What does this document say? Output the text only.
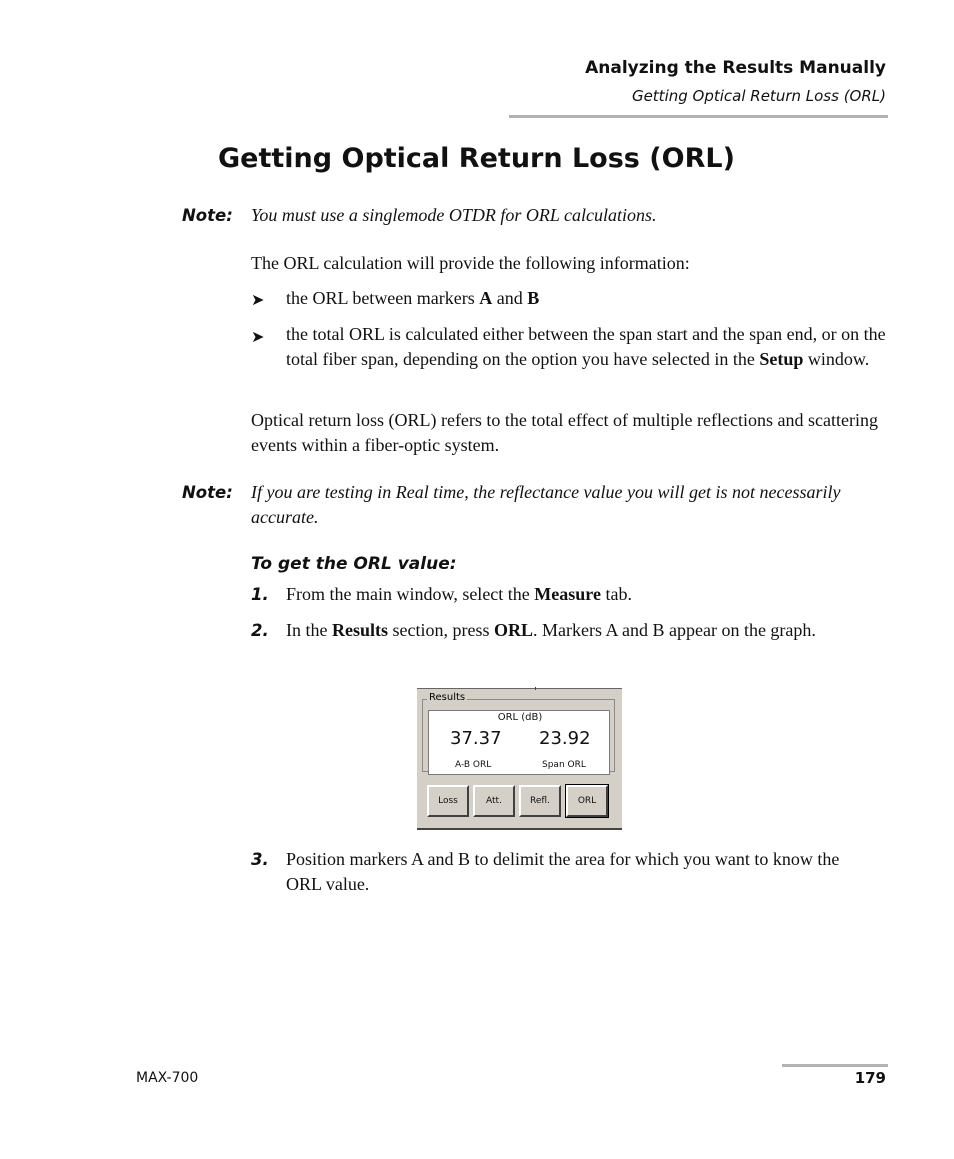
Analyzing the Results Manually
Getting Optical Return Loss (ORL)
Getting Optical Return Loss (ORL)
Note: You must use a singlemode OTDR for ORL calculations.
The ORL calculation will provide the following information:
➤ the ORL between markers A and B
➤ the total ORL is calculated either between the span start and the span end, or on the total fiber span, depending on the option you have selected in the Setup window.
Optical return loss (ORL) refers to the total effect of multiple reflections and scattering events within a fiber-optic system.
Note: If you are testing in Real time, the reflectance value you will get is not necessarily accurate.
To get the ORL value:
1. From the main window, select the Measure tab.
2. In the Results section, press ORL. Markers A and B appear on the graph.
Results
ORL (dB)
37.37 23.92
A-B ORL	Span ORL
Loss	Att.	Refl.	ORL
3. Position markers A and B to delimit the area for which you want to know the ORL value.
MAX-700	179
